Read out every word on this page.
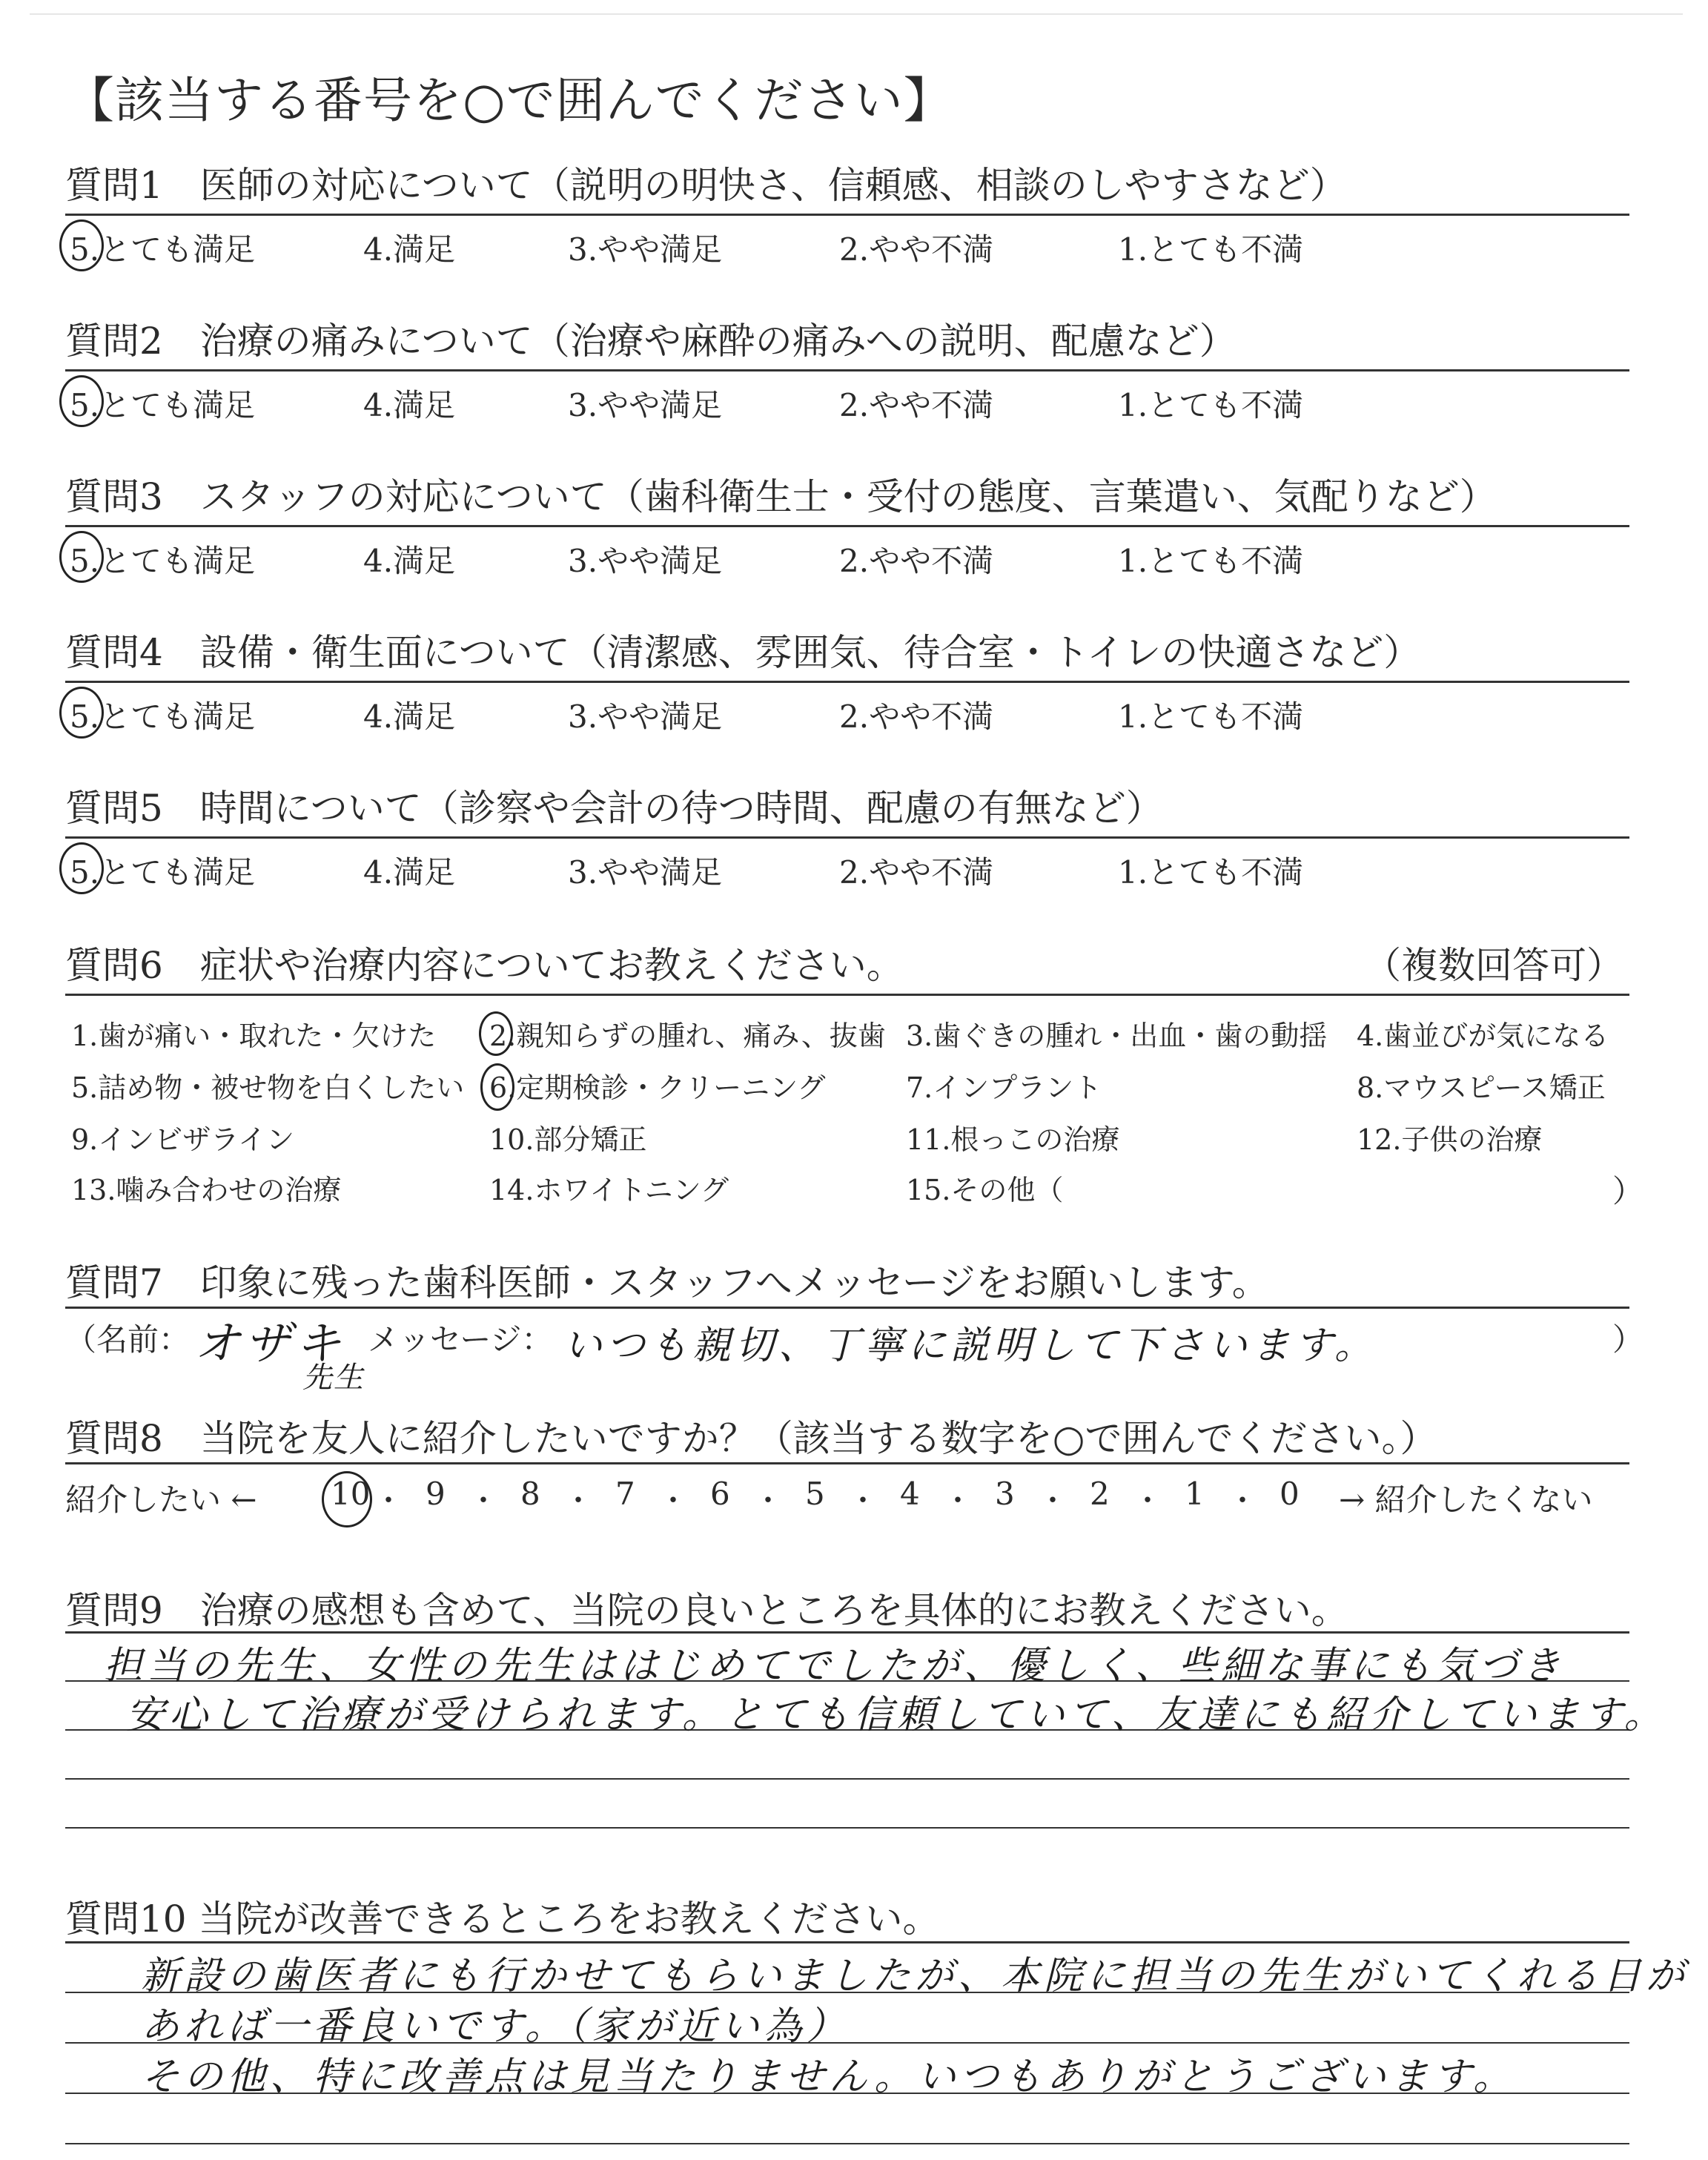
【該当する番号を○で囲んでください】
質問1　医師の対応について（説明の明快さ、信頼感、相談のしやすさなど）
5.とても満足	4.満足	3.やや満足	2.やや不満	1.とても不満
質問2　治療の痛みについて（治療や麻酔の痛みへの説明、配慮など）
5.とても満足	4.満足	3.やや満足	2.やや不満	1.とても不満
質問3　スタッフの対応について（歯科衛生士・受付の態度、言葉遣い、気配りなど）
5.とても満足	4.満足	3.やや満足	2.やや不満	1.とても不満
質問4　設備・衛生面について（清潔感、雰囲気、待合室・トイレの快適さなど）
5.とても満足	4.満足	3.やや満足	2.やや不満	1.とても不満
質問5　時間について（診察や会計の待つ時間、配慮の有無など）
5.とても満足	4.満足	3.やや満足	2.やや不満	1.とても不満
質問6　症状や治療内容についてお教えください。	（複数回答可）
1.歯が痛い・取れた・欠けた 2.親知らずの腫れ、痛み、抜歯 3.歯ぐきの腫れ・出血・歯の動揺 4.歯並びが気になる
5.詰め物・被せ物を白くしたい 6.定期検診・クリーニング	7.インプラント	8.マウスピース矯正
9.インビザライン	10.部分矯正	11.根っこの治療	12.子供の治療
13.噛み合わせの治療	14.ホワイトニング	15.その他（	）
質問7　印象に残った歯科医師・スタッフへメッセージをお願いします。
（名前： オザキ
先生
メッセージ： いつも親切、丁寧に説明して下さいます。	）
質問8　当院を友人に紹介したいですか？（該当する数字を○で囲んでください。）
紹介したい ←	→ 紹介したくない
10 ・ 9 ・ 8 ・ 7 ・ 6 ・ 5 ・ 4 ・ 3 ・ 2 ・ 1 ・ 0
質問9　治療の感想も含めて、当院の良いところを具体的にお教えください。
担当の先生、女性の先生ははじめてでしたが、優しく、些細な事にも気づき
安心して治療が受けられます。とても信頼していて、友達にも紹介しています。
質問10 当院が改善できるところをお教えください。
新設の歯医者にも行かせてもらいましたが、本院に担当の先生がいてくれる日が
あれば一番良いです。（家が近い為）
その他、特に改善点は見当たりません。いつもありがとうございます。
